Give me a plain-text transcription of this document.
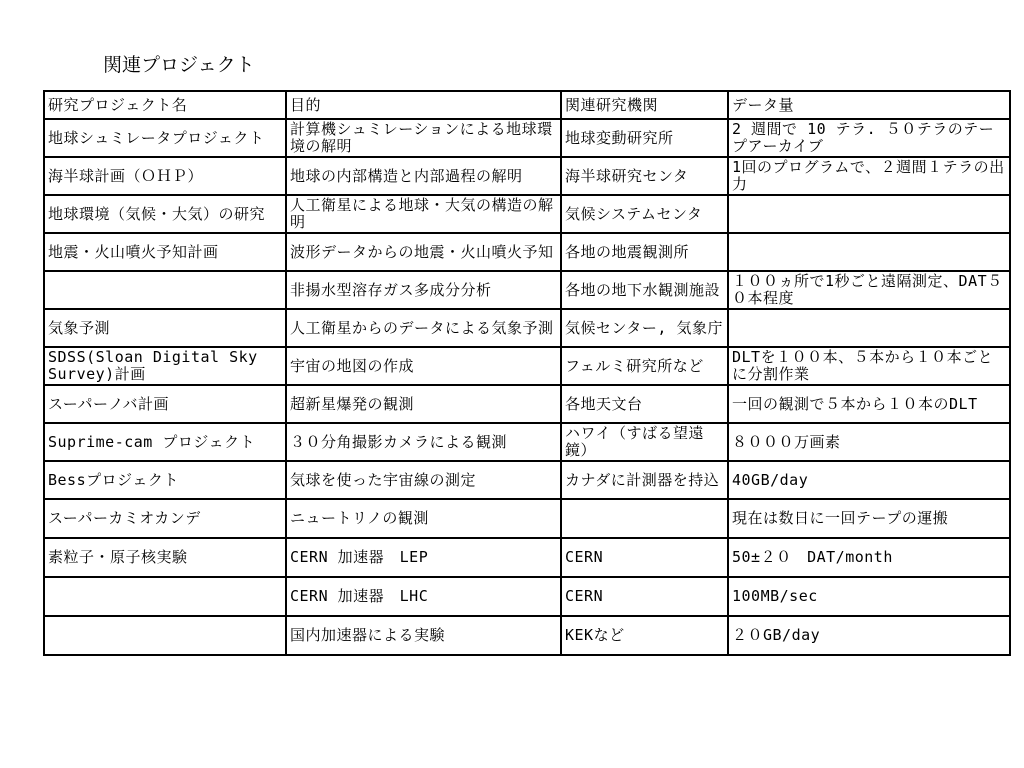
関連プロジェクト
研究プロジェクト名	目的	関連研究機関	データ量
地球シュミレータプロジェクト	計算機シュミレーションによる地球環境の解明	地球変動研究所	2 週間で 10 テラ. ５０テラのテープアーカイブ
海半球計画（ＯＨＰ）	地球の内部構造と内部過程の解明	海半球研究センタ	1回のプログラムで、２週間１テラの出力
地球環境（気候・大気）の研究	人工衛星による地球・大気の構造の解明	気候システムセンタ	
地震・火山噴火予知計画	波形データからの地震・火山噴火予知	各地の地震観測所	
	非揚水型溶存ガス多成分分析	各地の地下水観測施設	１００ヵ所で1秒ごと遠隔測定、DAT５０本程度
気象予測	人工衛星からのデータによる気象予測	気候センター, 気象庁	
SDSS(Sloan Digital Sky Survey)計画	宇宙の地図の作成	フェルミ研究所など	DLTを１００本、５本から１０本ごとに分割作業
スーパーノバ計画	超新星爆発の観測	各地天文台	一回の観測で５本から１０本のDLT
Suprime-cam プロジェクト	３０分角撮影カメラによる観測	ハワイ（すばる望遠鏡）	８０００万画素
Bessプロジェクト	気球を使った宇宙線の測定	カナダに計測器を持込	40GB/day
スーパーカミオカンデ	ニュートリノの観測		現在は数日に一回テープの運搬
素粒子・原子核実験	CERN 加速器　LEP	CERN	50±２０　DAT/month
	CERN 加速器　LHC	CERN	100MB/sec
	国内加速器による実験	KEKなど	２０GB/day
